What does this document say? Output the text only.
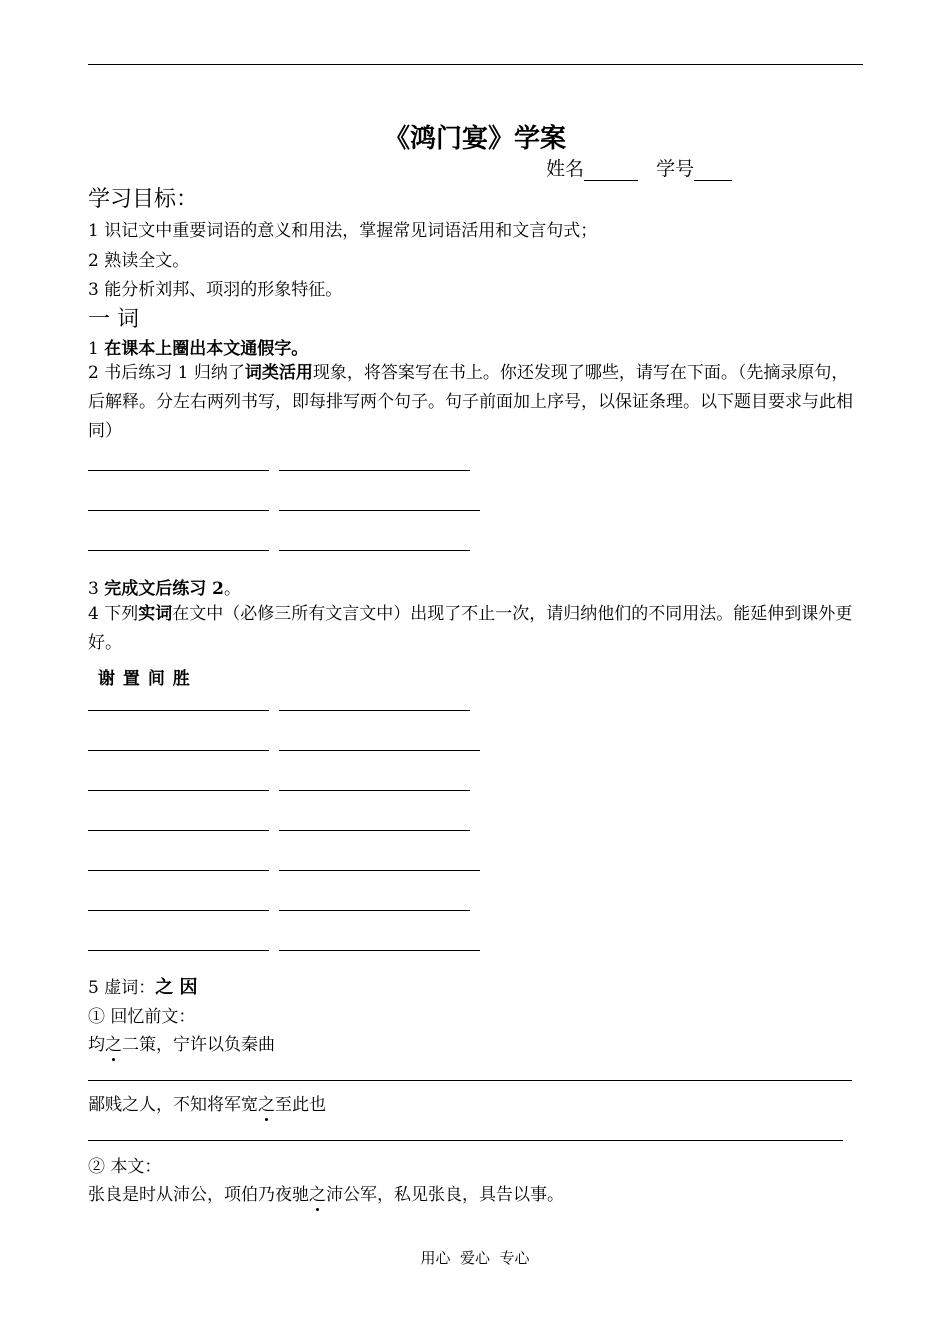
《鸿门宴》学案
姓名	学号
学习目标：
1 识记文中重要词语的意义和用法，掌握常见词语活用和文言句式；
2 熟读全文。
3 能分析刘邦、项羽的形象特征。
一 词
1 在课本上圈出本文通假字。
2 书后练习 1 归纳了词类活用现象，将答案写在书上。你还发现了哪些，请写在下面。（先摘录原句，后解释。分左右两列书写，即每排写两个句子。句子前面加上序号，以保证条理。以下题目要求与此相同）
3 完成文后练习 2。
4 下列实词在文中（必修三所有文言文中）出现了不止一次，请归纳他们的不同用法。能延伸到课外更好。
谢 置 间 胜
5 虚词：之 因
① 回忆前文：
均之二策，宁许以负秦曲
鄙贱之人，不知将军宽之至此也
② 本文：
张良是时从沛公，项伯乃夜驰之沛公军，私见张良，具告以事。
用心  爱心  专心
